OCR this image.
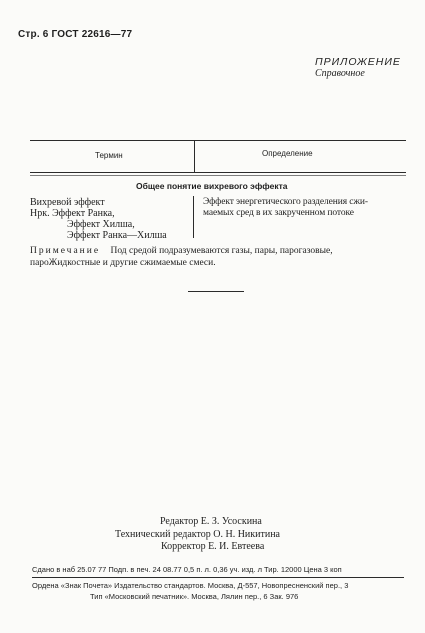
Стр. 6 ГОСТ 22616—77
ПРИЛОЖЕНИЕ
Справочное
Термин	Определение
Общее понятие вихревого эффекта
Вихревой эффект
Нрк. Эффект Ранка,
Эффект Хилша,
Эффект Ранка—Хилша
Эффект энергетического разделения сжи-
маемых сред в их закрученном потоке
Примечание Под средой подразумеваются газы, пары, парогазовые,
пароЖидкостные и другие сжимаемые смеси.
Редактор Е. З. Усоскина
Технический редактор О. Н. Никитина
Корректор Е. И. Евтеева
Сдано в наб 25.07 77 Подп. в печ. 24 08.77 0,5 п. л. 0,36 уч. изд. л Тир. 12000 Цена 3 коп
Ордена «Знак Почета» Издательство стандартов. Москва, Д-557, Новопресненский пер., 3
Тип «Московский печатник». Москва, Лялин пер., 6 Зак. 976
